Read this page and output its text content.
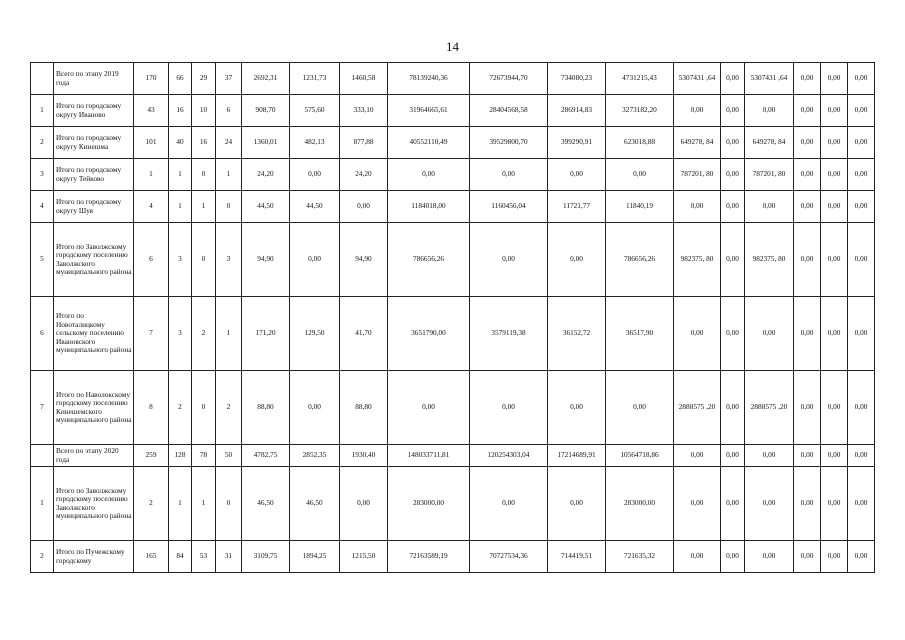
14
	Всего по этапу 2019 года	170	66	29	37	2692,31	1231,73	1460,58	78139240,36	72673944,70	734080,23	4731215,43	5307431 ,64	0,00	5307431 ,64	0,00	0,00	0,00
1	Итого по городскому округу Иваново	43	16	10	6	908,70	575,60	333,10	31964665,61	28404568,58	286914,83	3273182,20	0,00	0,00	0,00	0,00	0,00	0,00
2	Итого по городскому округу Кинешма	101	40	16	24	1360,01	482,13	877,88	40552110,49	39529800,70	399290,91	623018,88	649278, 84	0,00	649278, 84	0,00	0,00	0,00
3	Итого по городскому округу Тейково	1	1	0	1	24,20	0,00	24,20	0,00	0,00	0,00	0,00	787201, 80	0,00	787201, 80	0,00	0,00	0,00
4	Итого по городскому округу Шуя	4	1	1	0	44,50	44,50	0,00	1184018,00	1160456,04	11721,77	11840,19	0,00	0,00	0,00	0,00	0,00	0,00
5	Итого по Заволжскому городскому поселению Заволжского муниципального района	6	3	0	3	94,90	0,00	94,90	786656,26	0,00	0,00	786656,26	982375, 80	0,00	982375, 80	0,00	0,00	0,00
6	Итого по Новоталицкому сельскому поселению Ивановского муниципального района	7	3	2	1	171,20	129,50	41,70	3651790,00	3579119,38	36152,72	36517,90	0,00	0,00	0,00	0,00	0,00	0,00
7	Итого по Наволокскому городскому поселению Кинешемского муниципального района	8	2	0	2	88,80	0,00	88,80	0,00	0,00	0,00	0,00	2888575 ,20	0,00	2888575 ,20	0,00	0,00	0,00
	Всего по этапу 2020 года	259	128	78	50	4782,75	2852,35	1930,40	148033711,81	120254303,04	17214689,91	10564718,86	0,00	0,00	0,00	0,00	0,00	0,00
1	Итого по Заволжскому городскому поселению Заволжского муниципального района	2	1	1	0	46,50	46,50	0,00	283000,00	0,00	0,00	283000,00	0,00	0,00	0,00	0,00	0,00	0,00
2	Итого по Пучежскому городскому	165	84	53	31	3109,75	1894,25	1215,50	72163589,19	70727534,36	714419,51	721635,32	0,00	0,00	0,00	0,00	0,00	0,00
